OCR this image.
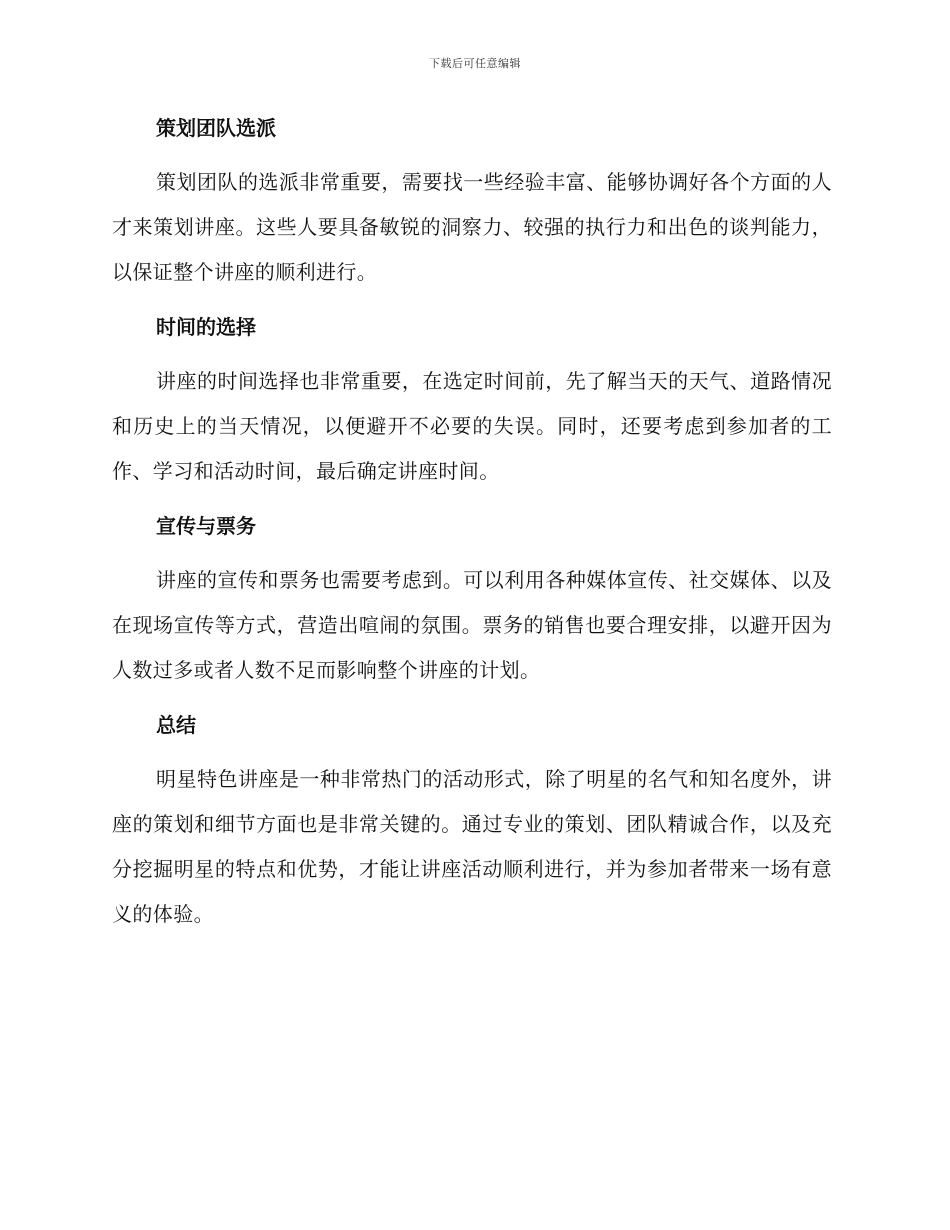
下载后可任意编辑
策划团队选派

策划团队的选派非常重要，需要找一些经验丰富、能够协调好各个方面的人才来策划讲座。这些人要具备敏锐的洞察力、较强的执行力和出色的谈判能力，以保证整个讲座的顺利进行。

时间的选择

讲座的时间选择也非常重要，在选定时间前，先了解当天的天气、道路情况和历史上的当天情况，以便避开不必要的失误。同时，还要考虑到参加者的工作、学习和活动时间，最后确定讲座时间。

宣传与票务

讲座的宣传和票务也需要考虑到。可以利用各种媒体宣传、社交媒体、以及在现场宣传等方式，营造出喧闹的氛围。票务的销售也要合理安排，以避开因为人数过多或者人数不足而影响整个讲座的计划。

总结

明星特色讲座是一种非常热门的活动形式，除了明星的名气和知名度外，讲座的策划和细节方面也是非常关键的。通过专业的策划、团队精诚合作，以及充分挖掘明星的特点和优势，才能让讲座活动顺利进行，并为参加者带来一场有意义的体验。
